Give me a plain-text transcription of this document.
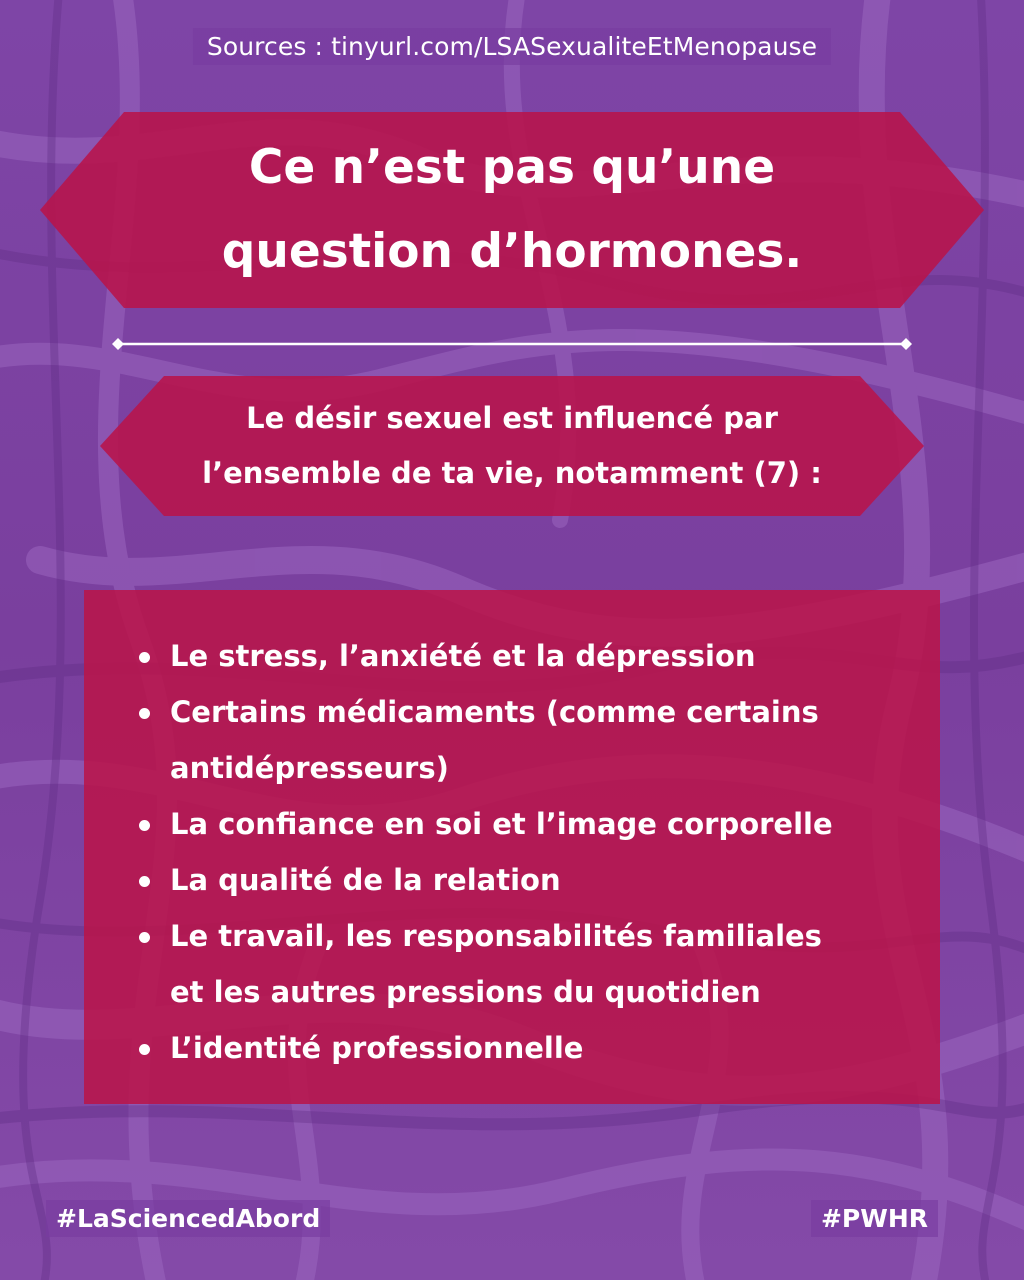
Sources : tinyurl.com/LSASexualiteEtMenopause
Ce n’est pas qu’une
question d’hormones.
Le désir sexuel est influencé par
l’ensemble de ta vie, notamment (7) :
Le stress, l’anxiété et la dépression
Certains médicaments (comme certains
antidépresseurs)
La confiance en soi et l’image corporelle
La qualité de la relation
Le travail, les responsabilités familiales
et les autres pressions du quotidien
L’identité professionnelle
#LaSciencedAbord	#PWHR
